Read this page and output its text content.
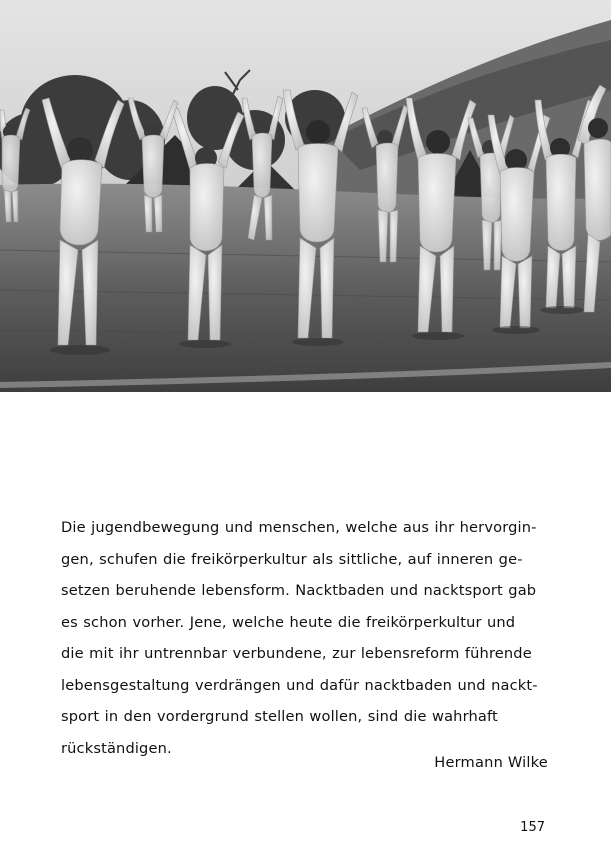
Die jugendbewegung und menschen, welche aus ihr hervorgin-
gen, schufen die freikörperkultur als sittliche, auf inneren ge-
setzen beruhende lebensform. Nacktbaden und nacktsport gab
es schon vorher. Jene, welche heute die freikörperkultur und
die mit ihr untrennbar verbundene, zur lebensreform führende
lebensgestaltung verdrängen und dafür nacktbaden und nackt-
sport in den vordergrund stellen wollen, sind die wahrhaft
rückständigen.

Hermann Wilke
157
